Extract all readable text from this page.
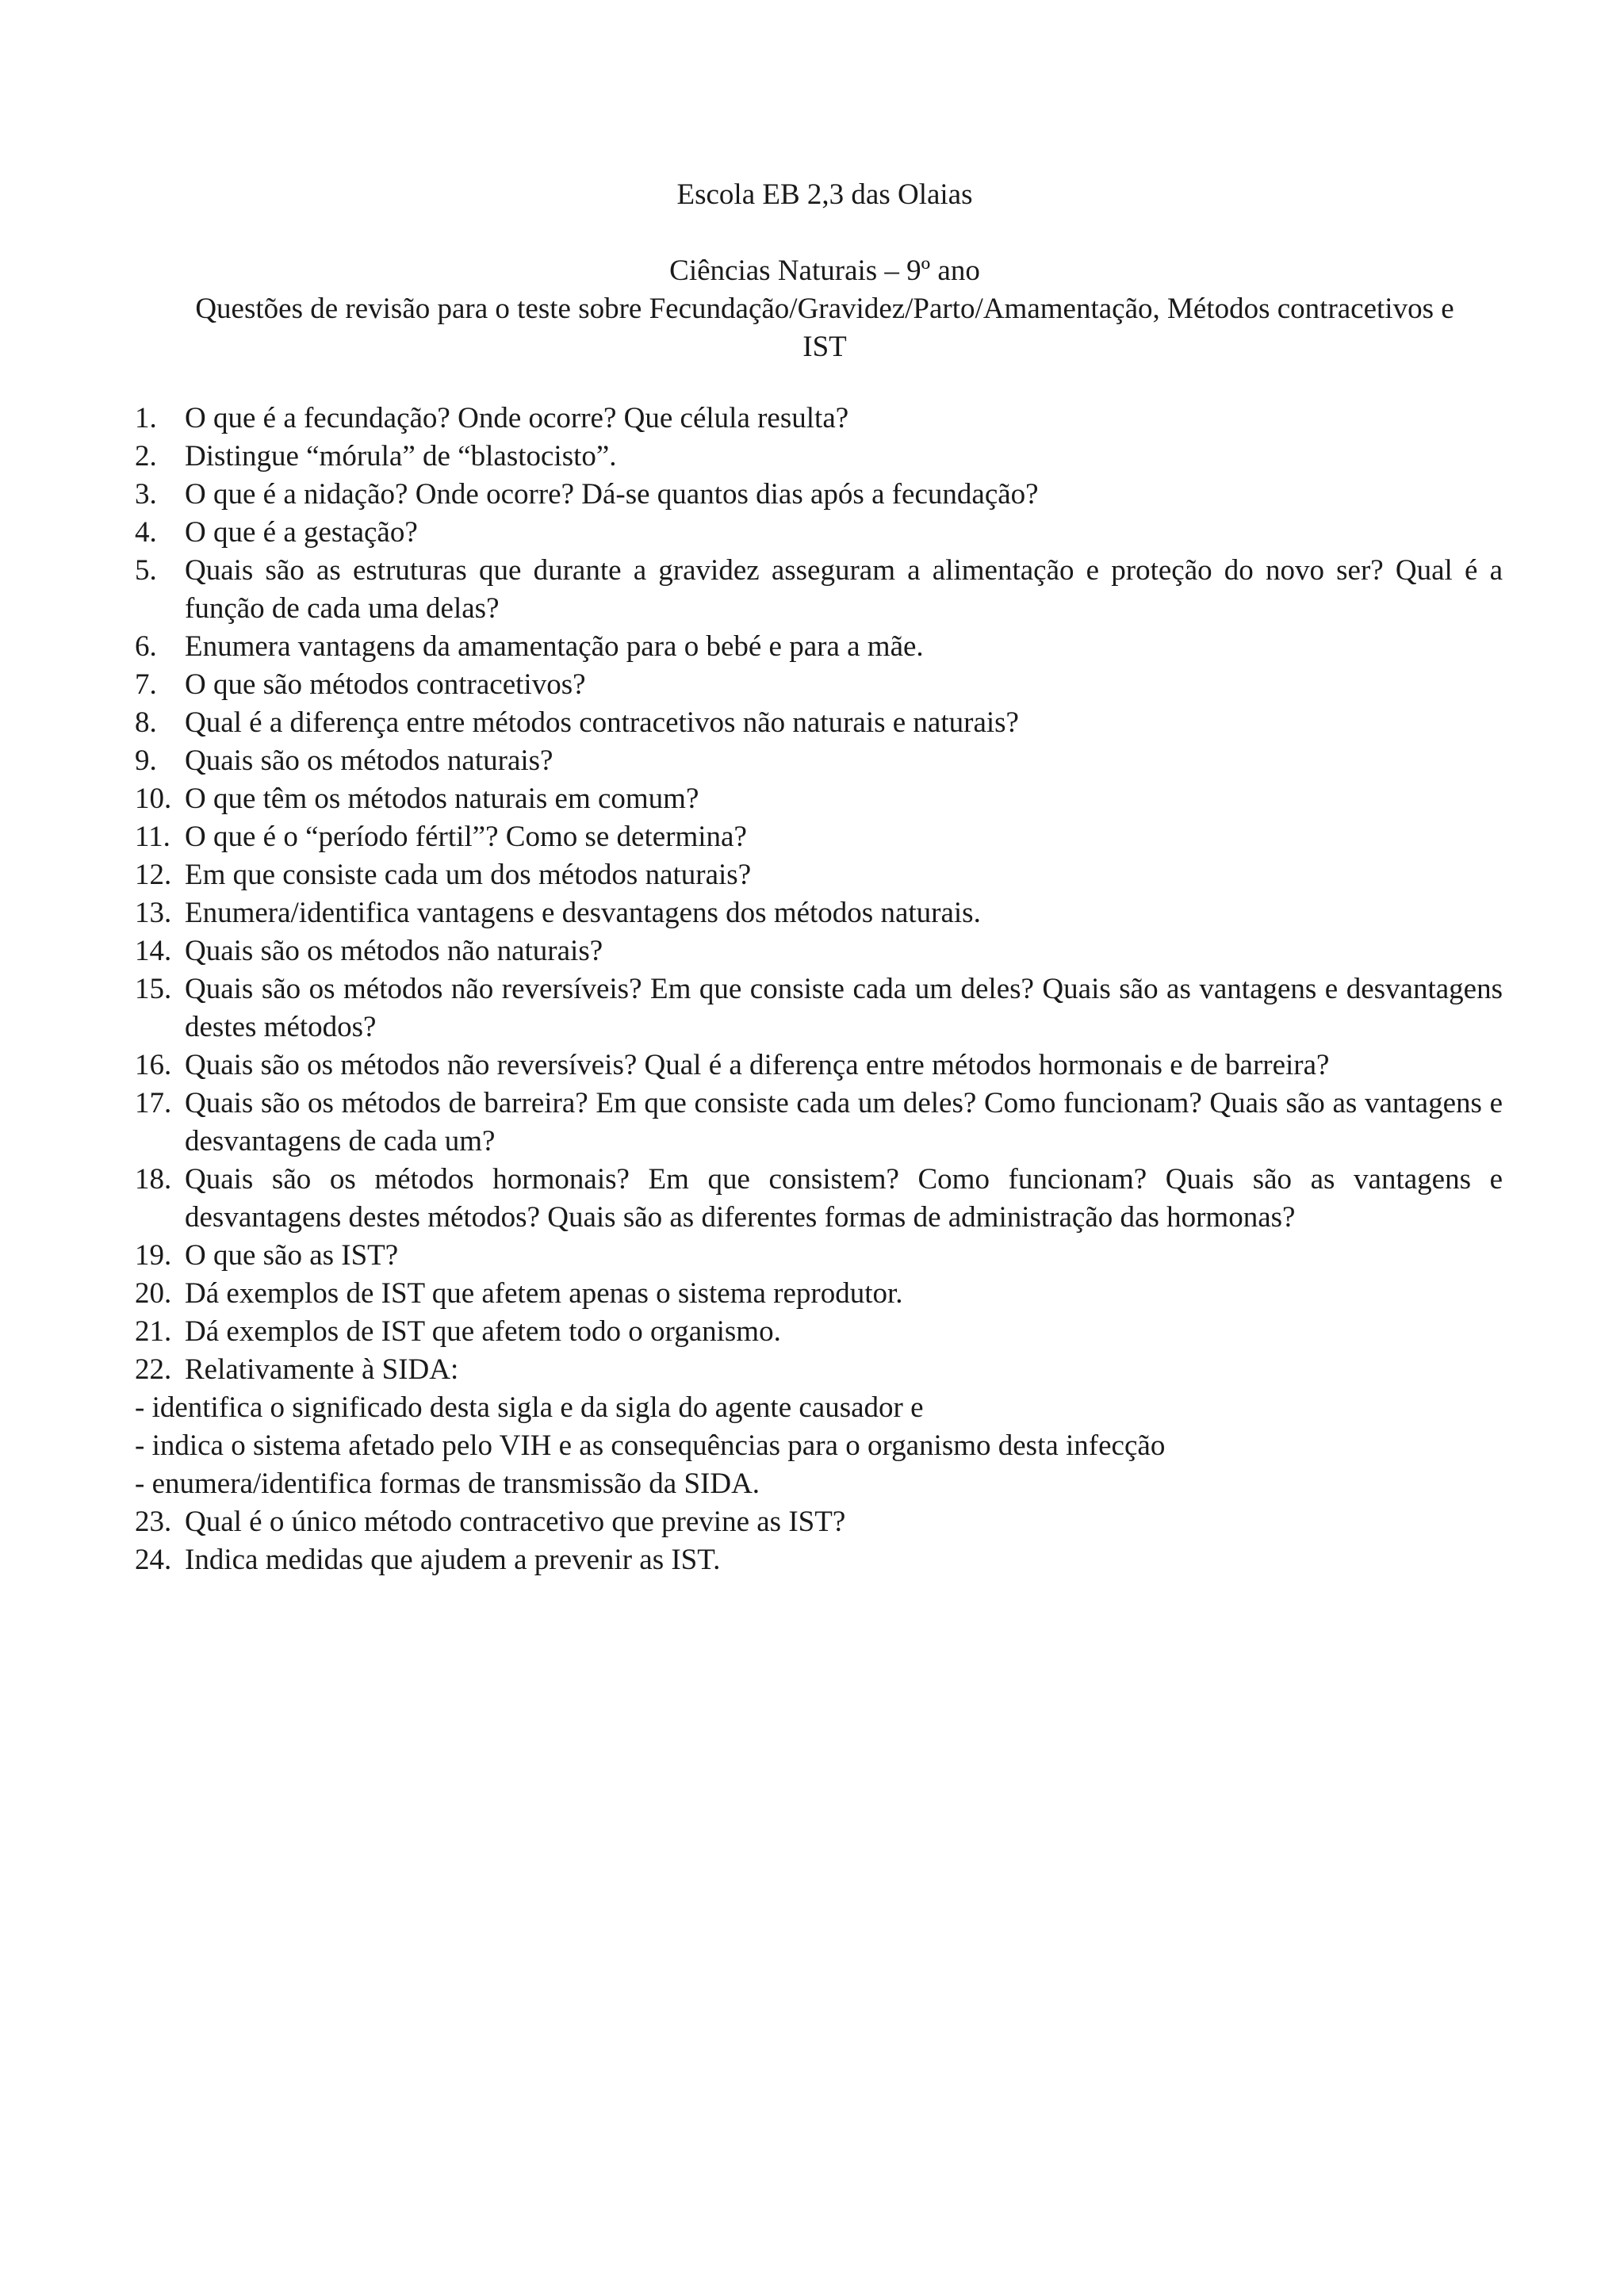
Escola EB 2,3 das Olaias
Ciências Naturais – 9º ano
Questões de revisão para o teste sobre Fecundação/Gravidez/Parto/Amamentação, Métodos contracetivos e IST
1. O que é a fecundação? Onde ocorre? Que célula resulta?
2. Distingue “mórula” de “blastocisto”.
3. O que é a nidação? Onde ocorre? Dá-se quantos dias após a fecundação?
4. O que é a gestação?
5. Quais são as estruturas que durante a gravidez asseguram a alimentação e proteção do novo ser? Qual é a função de cada uma delas?
6. Enumera vantagens da amamentação para o bebé e para a mãe.
7. O que são métodos contracetivos?
8. Qual é a diferença entre métodos contracetivos não naturais e naturais?
9. Quais são os métodos naturais?
10. O que têm os métodos naturais em comum?
11. O que é o “período fértil”? Como se determina?
12. Em que consiste cada um dos métodos naturais?
13. Enumera/identifica vantagens e desvantagens dos métodos naturais.
14. Quais são os métodos não naturais?
15. Quais são os métodos não reversíveis? Em que consiste cada um deles? Quais são as vantagens e desvantagens destes métodos?
16. Quais são os métodos não reversíveis? Qual é a diferença entre métodos hormonais e de barreira?
17. Quais são os métodos de barreira? Em que consiste cada um deles? Como funcionam? Quais são as vantagens e desvantagens de cada um?
18. Quais são os métodos hormonais? Em que consistem? Como funcionam? Quais são as vantagens e desvantagens destes métodos? Quais são as diferentes formas de administração das hormonas?
19. O que são as IST?
20. Dá exemplos de IST que afetem apenas o sistema reprodutor.
21. Dá exemplos de IST que afetem todo o organismo.
22. Relativamente à SIDA:
- identifica o significado desta sigla e da sigla do agente causador e
- indica o sistema afetado pelo VIH e as consequências para o organismo desta infecção
- enumera/identifica formas de transmissão da SIDA.
23. Qual é o único método contracetivo que previne as IST?
24. Indica medidas que ajudem a prevenir as IST.
